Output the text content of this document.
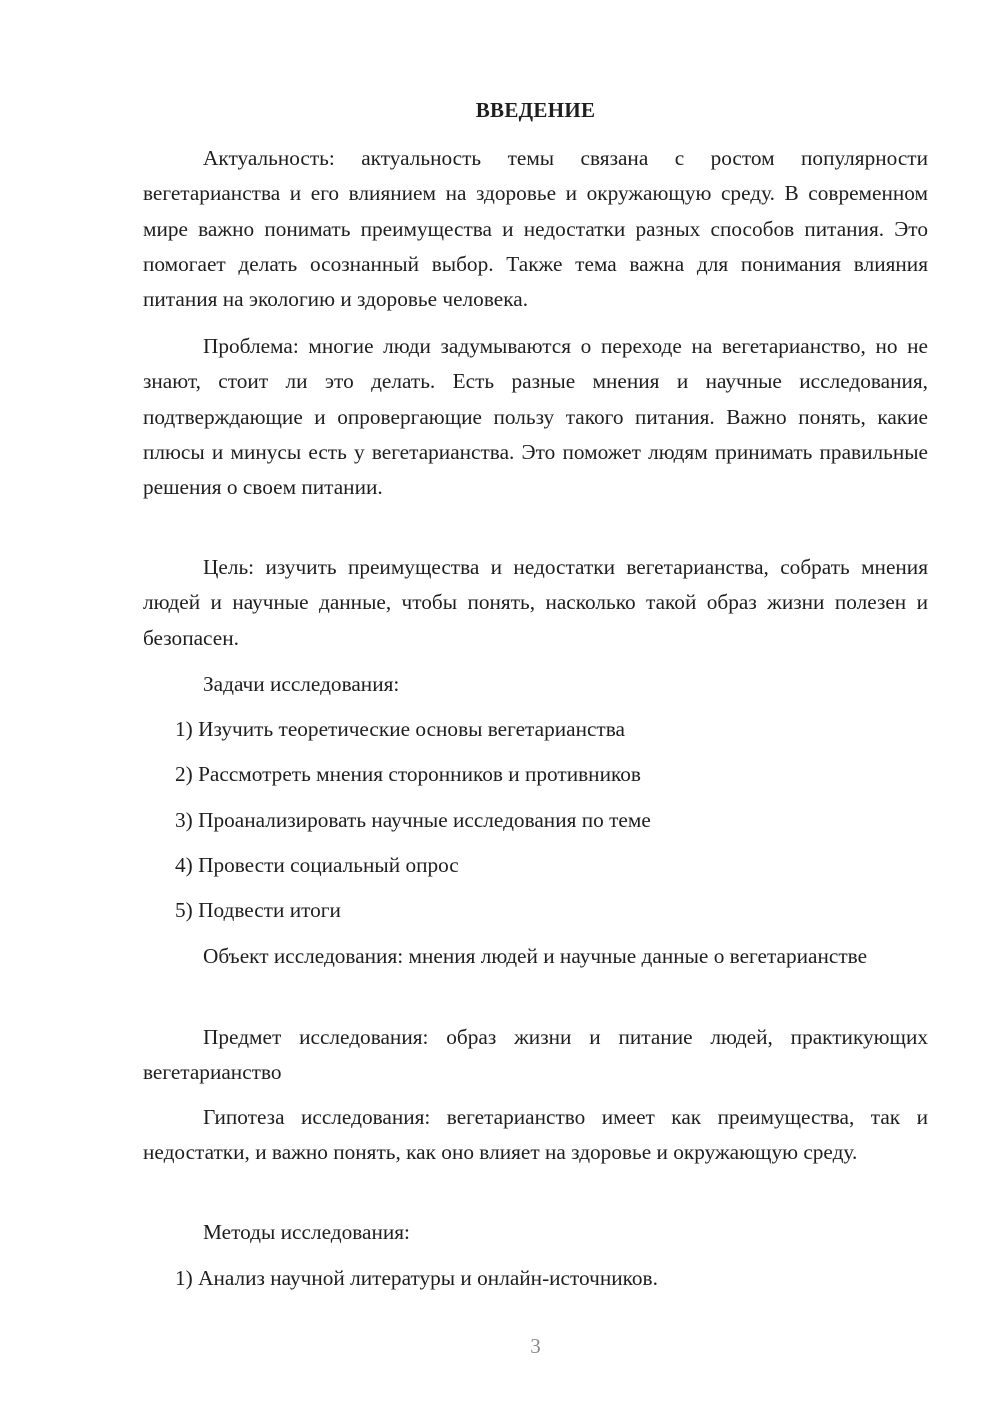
ВВЕДЕНИЕ

Актуальность: актуальность темы связана с ростом популярности вегетарианства и его влиянием на здоровье и окружающую среду. В современном мире важно понимать преимущества и недостатки разных способов питания. Это помогает делать осознанный выбор. Также тема важна для понимания влияния питания на экологию и здоровье человека.

Проблема: многие люди задумываются о переходе на вегетарианство, но не знают, стоит ли это делать. Есть разные мнения и научные исследования, подтверждающие и опровергающие пользу такого питания. Важно понять, какие плюсы и минусы есть у вегетарианства. Это поможет людям принимать правильные решения о своем питании.

Цель: изучить преимущества и недостатки вегетарианства, собрать мнения людей и научные данные, чтобы понять, насколько такой образ жизни полезен и безопасен.

Задачи исследования:

1) Изучить теоретические основы вегетарианства

2) Рассмотреть мнения сторонников и противников

3) Проанализировать научные исследования по теме

4) Провести социальный опрос

5) Подвести итоги

Объект исследования: мнения людей и научные данные о вегетарианстве

Предмет исследования: образ жизни и питание людей, практикующих вегетарианство

Гипотеза исследования: вегетарианство имеет как преимущества, так и недостатки, и важно понять, как оно влияет на здоровье и окружающую среду.

Методы исследования:

1) Анализ научной литературы и онлайн-источников.

3
